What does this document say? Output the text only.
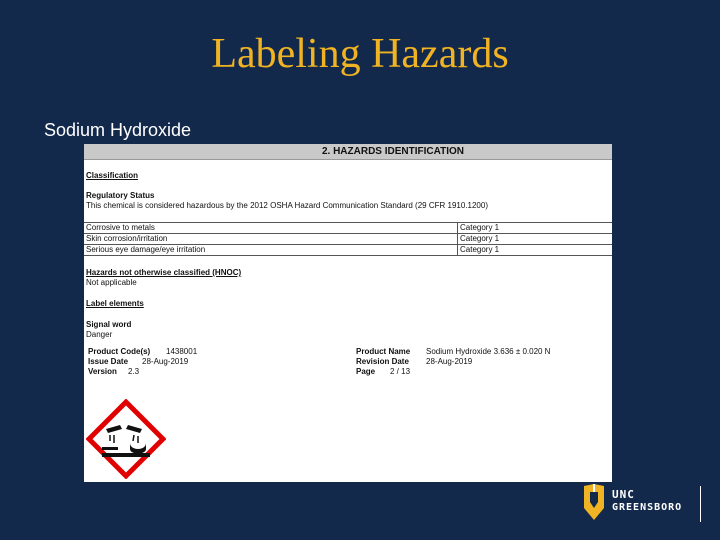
Labeling Hazards
Sodium Hydroxide
2. HAZARDS IDENTIFICATION
Classification
Regulatory Status
This chemical is considered hazardous by the 2012 OSHA Hazard Communication Standard (29 CFR 1910.1200)
Corrosive to metals	Category 1
Skin corrosion/irritation	Category 1
Serious eye damage/eye irritation	Category 1
Hazards not otherwise classified (HNOC)
Not applicable
Label elements
Signal word
Danger
Product Code(s) 1438001
Issue Date 28-Aug-2019
Version 2.3
Product Name Sodium Hydroxide 3.636 ± 0.020 N
Revision Date 28-Aug-2019
Page 2 / 13
UNC
GREENSBORO
